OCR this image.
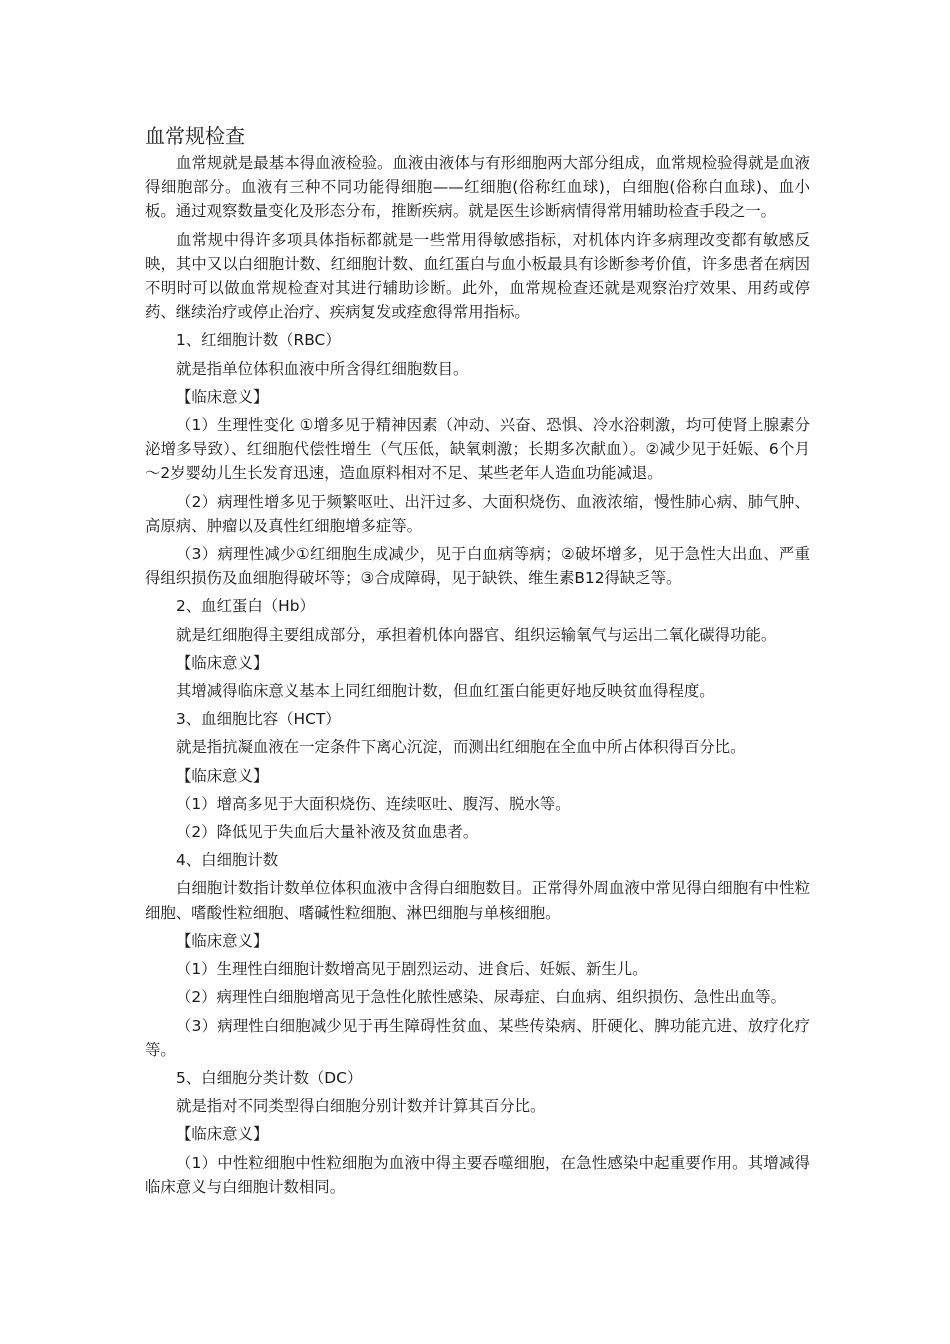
血常规检查

血常规就是最基本得血液检验。血液由液体与有形细胞两大部分组成，血常规检验得就是血液得细胞部分。血液有三种不同功能得细胞——红细胞(俗称红血球)，白细胞(俗称白血球)、血小板。通过观察数量变化及形态分布，推断疾病。就是医生诊断病情得常用辅助检查手段之一。

血常规中得许多项具体指标都就是一些常用得敏感指标，对机体内许多病理改变都有敏感反映，其中又以白细胞计数、红细胞计数、血红蛋白与血小板最具有诊断参考价值，许多患者在病因不明时可以做血常规检查对其进行辅助诊断。此外，血常规检查还就是观察治疗效果、用药或停药、继续治疗或停止治疗、疾病复发或痊愈得常用指标。

1、红细胞计数（RBC）

就是指单位体积血液中所含得红细胞数目。

【临床意义】

（1）生理性变化 ①增多见于精神因素（冲动、兴奋、恐惧、冷水浴刺激，均可使肾上腺素分泌增多导致）、红细胞代偿性增生（气压低，缺氧刺激；长期多次献血）。②减少见于妊娠、6个月～2岁婴幼儿生长发育迅速，造血原料相对不足、某些老年人造血功能减退。

（2）病理性增多见于频繁呕吐、出汗过多、大面积烧伤、血液浓缩，慢性肺心病、肺气肿、高原病、肿瘤以及真性红细胞增多症等。

（3）病理性减少①红细胞生成减少，见于白血病等病；②破坏增多，见于急性大出血、严重得组织损伤及血细胞得破坏等；③合成障碍，见于缺铁、维生素B12得缺乏等。

2、血红蛋白（Hb）

就是红细胞得主要组成部分，承担着机体向器官、组织运输氧气与运出二氧化碳得功能。

【临床意义】

其增减得临床意义基本上同红细胞计数，但血红蛋白能更好地反映贫血得程度。

3、血细胞比容（HCT）

就是指抗凝血液在一定条件下离心沉淀，而测出红细胞在全血中所占体积得百分比。

【临床意义】

（1）增高多见于大面积烧伤、连续呕吐、腹泻、脱水等。

（2）降低见于失血后大量补液及贫血患者。

4、白细胞计数

白细胞计数指计数单位体积血液中含得白细胞数目。正常得外周血液中常见得白细胞有中性粒细胞、嗜酸性粒细胞、嗜碱性粒细胞、淋巴细胞与单核细胞。

【临床意义】

（1）生理性白细胞计数增高见于剧烈运动、进食后、妊娠、新生儿。

（2）病理性白细胞增高见于急性化脓性感染、尿毒症、白血病、组织损伤、急性出血等。

（3）病理性白细胞减少见于再生障碍性贫血、某些传染病、肝硬化、脾功能亢进、放疗化疗等。

5、白细胞分类计数（DC）

就是指对不同类型得白细胞分别计数并计算其百分比。

【临床意义】

（1）中性粒细胞中性粒细胞为血液中得主要吞噬细胞，在急性感染中起重要作用。其增减得临床意义与白细胞计数相同。
